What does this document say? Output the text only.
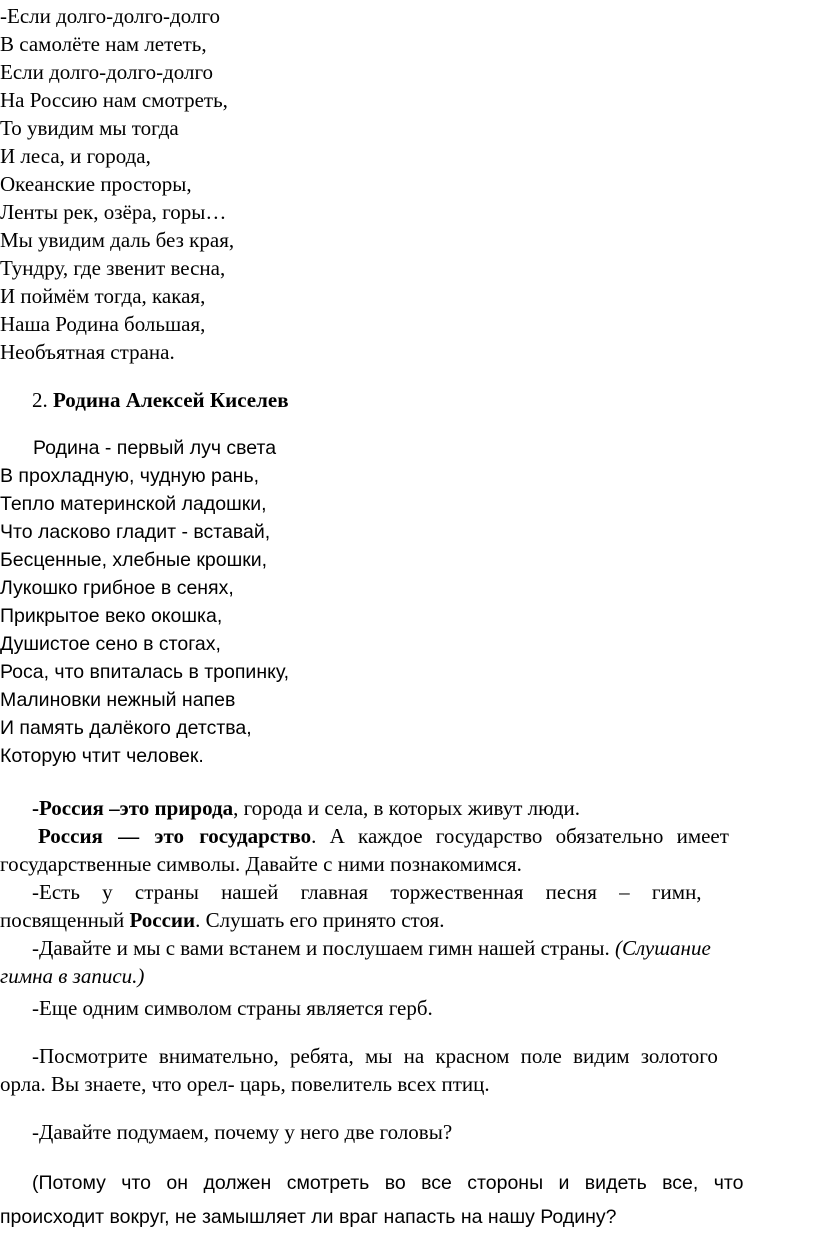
-Если долго-долго-долго
В самолёте нам лететь,
Если долго-долго-долго
На Россию нам смотреть,
То увидим мы тогда
И леса, и города,
Океанские просторы,
Ленты рек, озёра, горы…
Мы увидим даль без края,
Тундру, где звенит весна,
И поймём тогда, какая,
Наша Родина большая,
Необъятная страна.
2. Родина Алексей Киселев
Родина - первый луч света
В прохладную, чудную рань,
Тепло материнской ладошки,
Что ласково гладит - вставай,
Бесценные, хлебные крошки,
Лукошко грибное в сенях,
Прикрытое веко окошка,
Душистое сено в стогах,
Роса, что впиталась в тропинку,
Малиновки нежный напев
И память далёкого детства,
Которую чтит человек.
-Россия –это природа, города и села, в которых живут люди.
Россия — это государство. А каждое государство обязательно имеет
государственные символы. Давайте с ними познакомимся.
-Есть у страны нашей главная торжественная песня – гимн,
посвященный России. Слушать его принято стоя.
-Давайте и мы с вами встанем и послушаем гимн нашей страны. (Слушание
гимна в записи.)
-Еще одним символом страны является герб.
-Посмотрите внимательно, ребята, мы на красном поле видим золотого
орла. Вы знаете, что орел- царь, повелитель всех птиц.
-Давайте подумаем, почему у него две головы?
(Потому что он должен смотреть во все стороны и видеть все, что
происходит вокруг, не замышляет ли враг напасть на нашу Родину?
